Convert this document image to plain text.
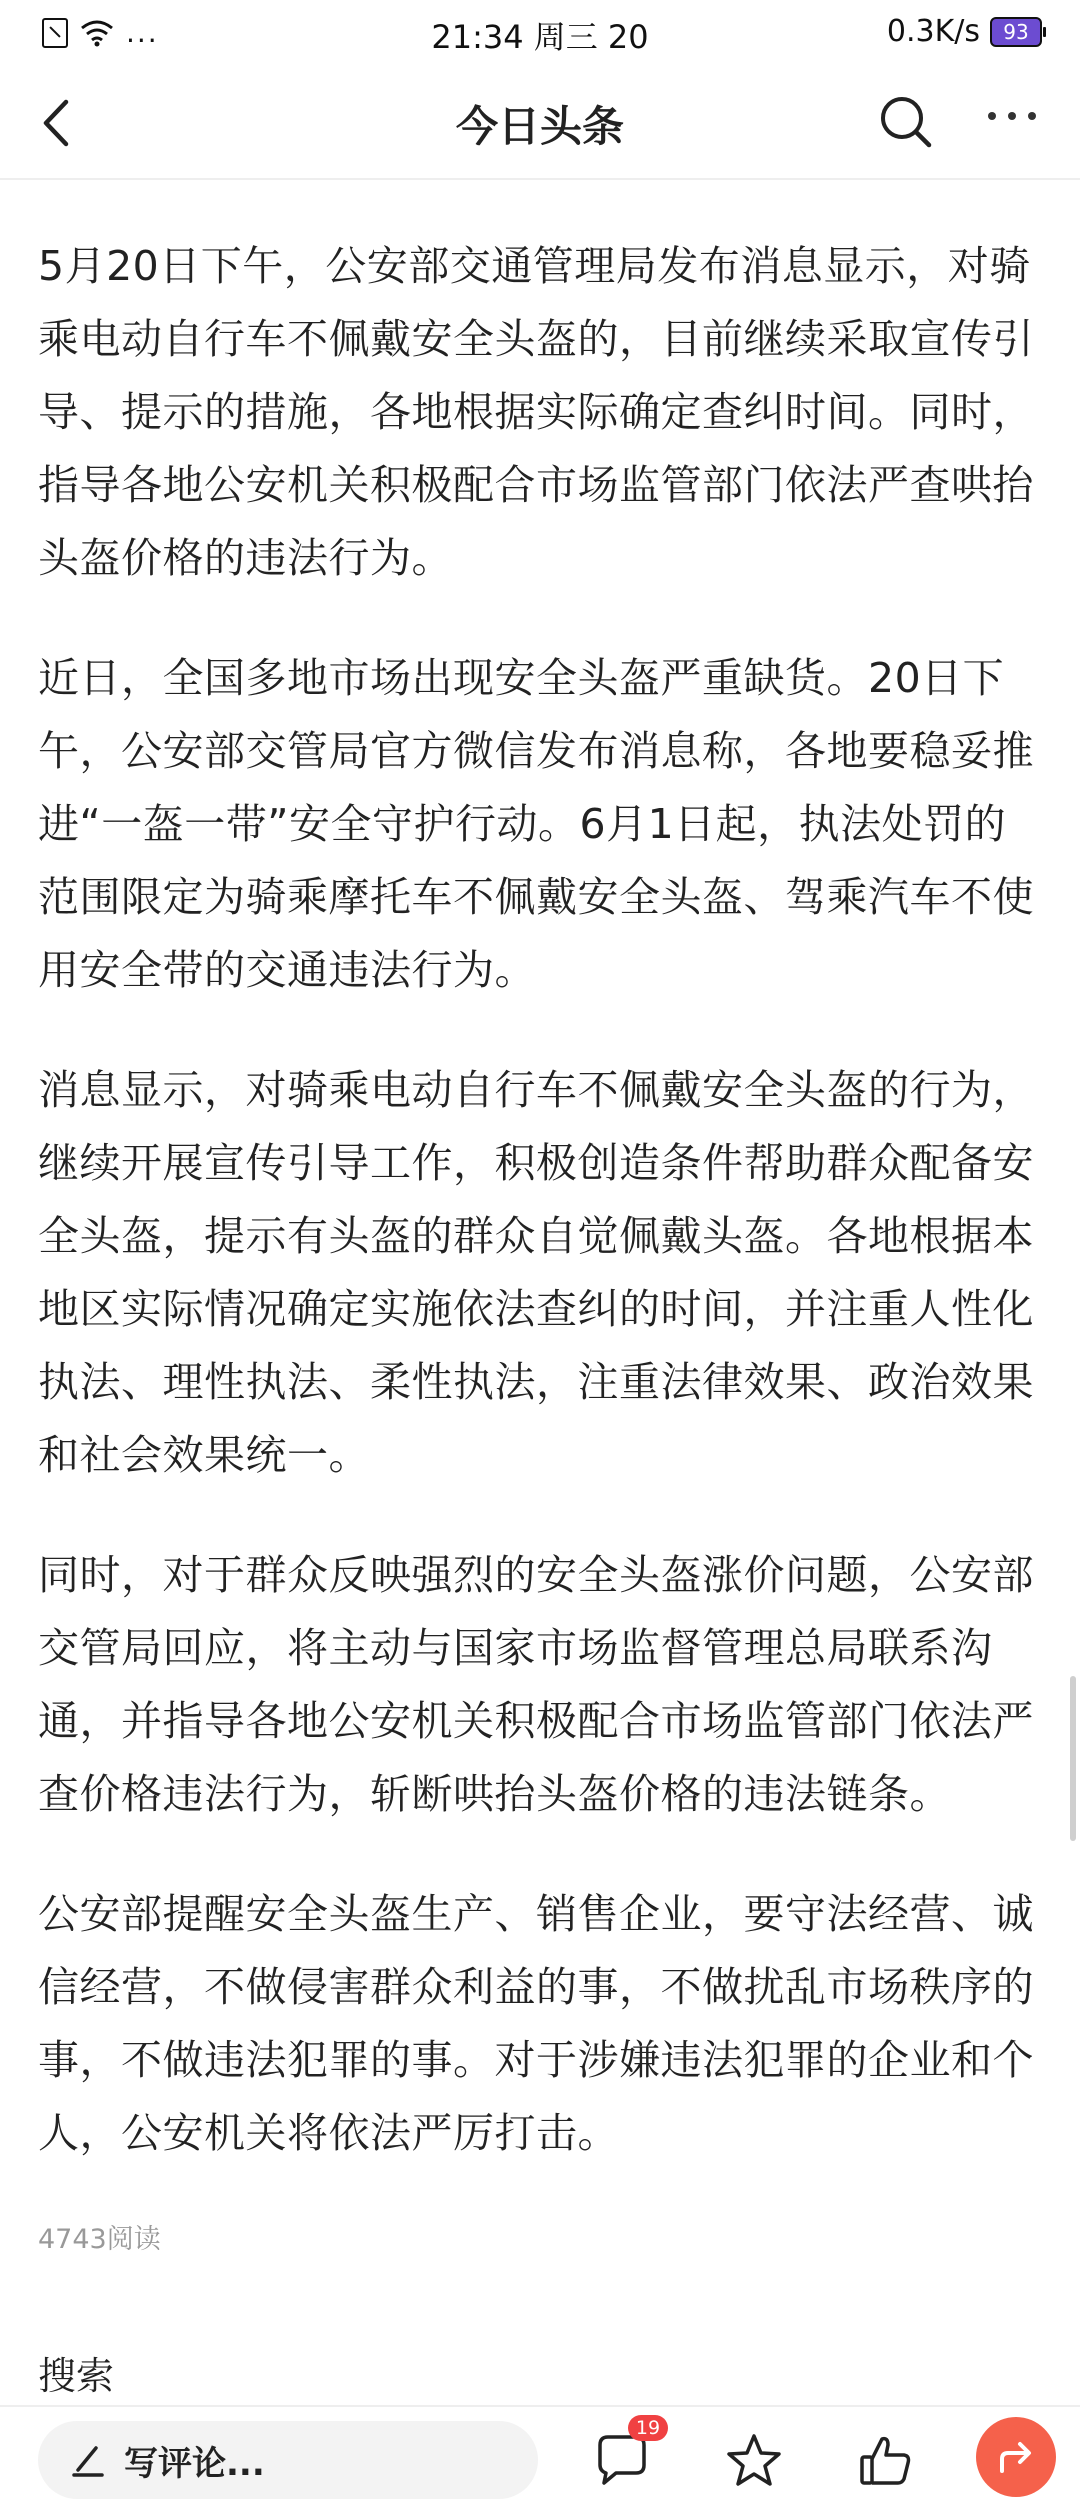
...	21:34 周三 20	0.3K/s	93
今日头条

5月20日下午，公安部交通管理局发布消息显示，对骑乘电动自行车不佩戴安全头盔的，目前继续采取宣传引导、提示的措施，各地根据实际确定查纠时间。同时，指导各地公安机关积极配合市场监管部门依法严查哄抬头盔价格的违法行为。

近日，全国多地市场出现安全头盔严重缺货。20日下午，公安部交管局官方微信发布消息称，各地要稳妥推进“一盔一带”安全守护行动。6月1日起，执法处罚的范围限定为骑乘摩托车不佩戴安全头盔、驾乘汽车不使用安全带的交通违法行为。

消息显示，对骑乘电动自行车不佩戴安全头盔的行为，继续开展宣传引导工作，积极创造条件帮助群众配备安全头盔，提示有头盔的群众自觉佩戴头盔。各地根据本地区实际情况确定实施依法查纠的时间，并注重人性化执法、理性执法、柔性执法，注重法律效果、政治效果和社会效果统一。

同时，对于群众反映强烈的安全头盔涨价问题，公安部交管局回应，将主动与国家市场监督管理总局联系沟通，并指导各地公安机关积极配合市场监管部门依法严查价格违法行为，斩断哄抬头盔价格的违法链条。

公安部提醒安全头盔生产、销售企业，要守法经营、诚信经营，不做侵害群众利益的事，不做扰乱市场秩序的事，不做违法犯罪的事。对于涉嫌违法犯罪的企业和个人，公安机关将依法严厉打击。

4743阅读
搜索
写评论...
19
